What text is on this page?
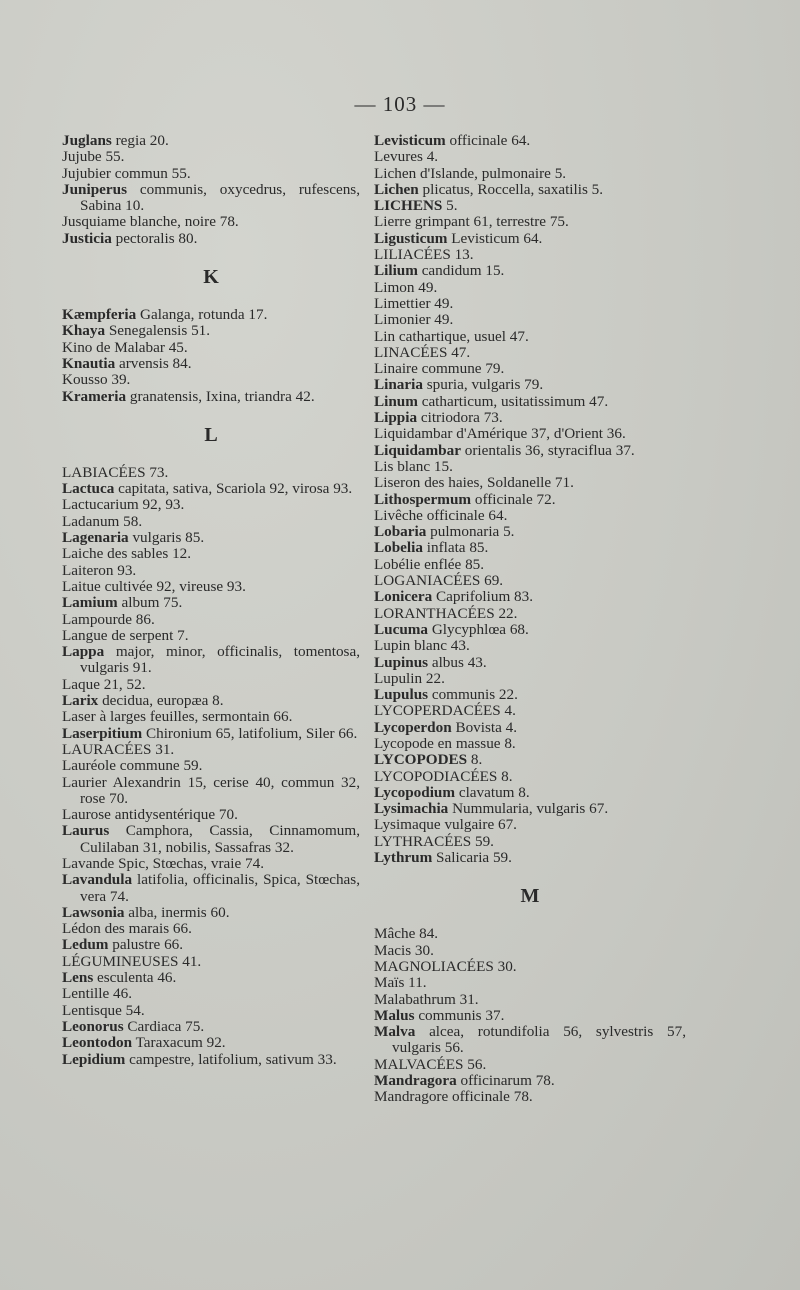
— 103 —
Juglans regia 20.
Jujube 55.
Jujubier commun 55.
Juniperus communis, oxycedrus, rufescens, Sabina 10.
Jusquiame blanche, noire 78.
Justicia pectoralis 80.
K
Kæmpferia Galanga, rotunda 17.
Khaya Senegalensis 51.
Kino de Malabar 45.
Knautia arvensis 84.
Kousso 39.
Krameria granatensis, Ixina, triandra 42.
L
LABIACÉES 73.
Lactuca capitata, sativa, Scariola 92, virosa 93.
Lactucarium 92, 93.
Ladanum 58.
Lagenaria vulgaris 85.
Laiche des sables 12.
Laiteron 93.
Laitue cultivée 92, vireuse 93.
Lamium album 75.
Lampourde 86.
Langue de serpent 7.
Lappa major, minor, officinalis, tomentosa, vulgaris 91.
Laque 21, 52.
Larix decidua, europæa 8.
Laser à larges feuilles, sermontain 66.
Laserpitium Chironium 65, latifolium, Siler 66.
LAURACÉES 31.
Lauréole commune 59.
Laurier Alexandrin 15, cerise 40, commun 32, rose 70.
Laurose antidysentérique 70.
Laurus Camphora, Cassia, Cinnamomum, Culilaban 31, nobilis, Sassafras 32.
Lavande Spic, Stœchas, vraie 74.
Lavandula latifolia, officinalis, Spica, Stœchas, vera 74.
Lawsonia alba, inermis 60.
Lédon des marais 66.
Ledum palustre 66.
LÉGUMINEUSES 41.
Lens esculenta 46.
Lentille 46.
Lentisque 54.
Leonorus Cardiaca 75.
Leontodon Taraxacum 92.
Lepidium campestre, latifolium, sativum 33.
Levisticum officinale 64.
Levures 4.
Lichen d'Islande, pulmonaire 5.
Lichen plicatus, Roccella, saxatilis 5.
LICHENS 5.
Lierre grimpant 61, terrestre 75.
Ligusticum Levisticum 64.
LILIACÉES 13.
Lilium candidum 15.
Limon 49.
Limettier 49.
Limonier 49.
Lin cathartique, usuel 47.
LINACÉES 47.
Linaire commune 79.
Linaria spuria, vulgaris 79.
Linum catharticum, usitatissimum 47.
Lippia citriodora 73.
Liquidambar d'Amérique 37, d'Orient 36.
Liquidambar orientalis 36, styraciflua 37.
Lis blanc 15.
Liseron des haies, Soldanelle 71.
Lithospermum officinale 72.
Livêche officinale 64.
Lobaria pulmonaria 5.
Lobelia inflata 85.
Lobélie enflée 85.
LOGANIACÉES 69.
Lonicera Caprifolium 83.
LORANTHACÉES 22.
Lucuma Glycyphlœa 68.
Lupin blanc 43.
Lupinus albus 43.
Lupulin 22.
Lupulus communis 22.
LYCOPERDACÉES 4.
Lycoperdon Bovista 4.
Lycopode en massue 8.
LYCOPODES 8.
LYCOPODIACÉES 8.
Lycopodium clavatum 8.
Lysimachia Nummularia, vulgaris 67.
Lysimaque vulgaire 67.
LYTHRACÉES 59.
Lythrum Salicaria 59.
M
Mâche 84.
Macis 30.
MAGNOLIACÉES 30.
Maïs 11.
Malabathrum 31.
Malus communis 37.
Malva alcea, rotundifolia 56, sylvestris 57, vulgaris 56.
MALVACÉES 56.
Mandragora officinarum 78.
Mandragore officinale 78.
